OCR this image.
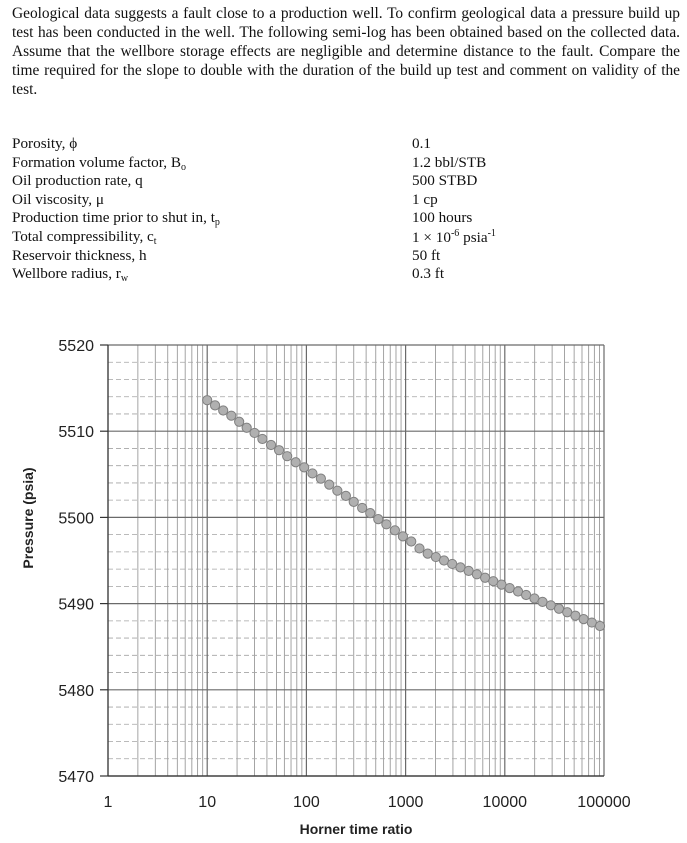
Geological data suggests a fault close to a production well. To confirm geological data a pressure build up test has been conducted in the well. The following semi-log has been obtained based on the collected data. Assume that the wellbore storage effects are negligible and determine distance to the fault. Compare the time required for the slope to double with the duration of the build up test and comment on validity of the test.
Porosity, ϕ	0.1
Formation volume factor, $B_o$	1.2 bbl/STB
Oil production rate, q	500 STBD
Oil viscosity, μ	1 cp
Production time prior to shut in, $t_p$	100 hours
Total compressibility, $c_t$	$1 \times 10^{-6}$ psia$^{-1}$
Reservoir thickness, h	50 ft
Wellbore radius, $r_w$	0.3 ft
5470
5480
5490
5500
5510
5520
1	10	100	1000	10000	100000
Horner time ratio
Pressure (psia)
